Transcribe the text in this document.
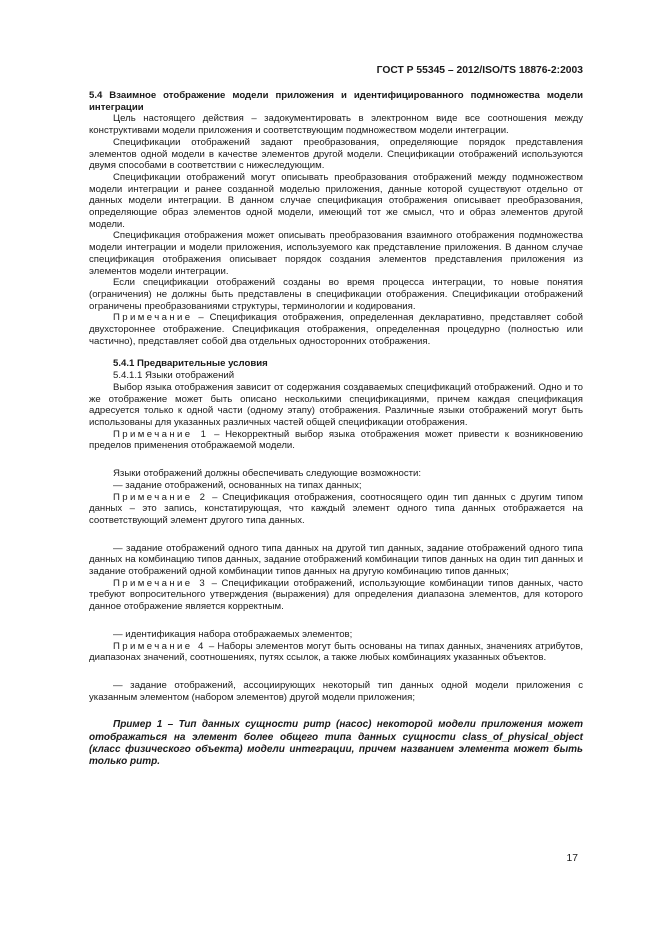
ГОСТ Р 55345 – 2012/ISO/TS 18876-2:2003

5.4 Взаимное отображение модели приложения и идентифицированного подмножества модели интеграции

Цель настоящего действия – задокументировать в электронном виде все соотношения между конструктивами модели приложения и соответствующим подмножеством модели интеграции.

Спецификации отображений задают преобразования, определяющие порядок представления элементов одной модели в качестве элементов другой модели. Спецификации отображений используются двумя способами в соответствии с нижеследующим.

Спецификации отображений могут описывать преобразования отображений между подмножеством модели интеграции и ранее созданной моделью приложения, данные которой существуют отдельно от данных модели интеграции. В данном случае спецификация отображения описывает преобразования, определяющие образ элементов одной модели, имеющий тот же смысл, что и образ элементов другой модели.

Спецификация отображения может описывать преобразования взаимного отображения подмножества модели интеграции и модели приложения, используемого как представление приложения. В данном случае спецификация отображения описывает порядок создания элементов представления приложения из элементов модели интеграции.

Если спецификации отображений созданы во время процесса интеграции, то новые понятия (ограничения) не должны быть представлены в спецификации отображения. Спецификации отображений ограничены преобразованиями структуры, терминологии и кодирования.

Примечание – Спецификация отображения, определенная декларативно, представляет собой двухстороннее отображение. Спецификация отображения, определенная процедурно (полностью или частично), представляет собой два отдельных односторонних отображения.

5.4.1 Предварительные условия

5.4.1.1 Языки отображений

Выбор языка отображения зависит от содержания создаваемых спецификаций отображений. Одно и то же отображение может быть описано несколькими спецификациями, причем каждая спецификация адресуется только к одной части (одному этапу) отображения. Различные языки отображений могут быть использованы для указанных различных частей общей спецификации отображения.

Примечание 1 – Некорректный выбор языка отображения может привести к возникновению пределов применения отображаемой модели.

Языки отображений должны обеспечивать следующие возможности:

— задание отображений, основанных на типах данных;

Примечание 2 – Спецификация отображения, соотносящего один тип данных с другим типом данных – это запись, констатирующая, что каждый элемент одного типа данных отображается на соответствующий элемент другого типа данных.

— задание отображений одного типа данных на другой тип данных, задание отображений одного типа данных на комбинацию типов данных, задание отображений комбинации типов данных на один тип данных и задание отображений одной комбинации типов данных на другую комбинацию типов данных;

Примечание 3 – Спецификации отображений, использующие комбинации типов данных, часто требуют вопросительного утверждения (выражения) для определения диапазона элементов, для которого данное отображение является корректным.

— идентификация набора отображаемых элементов;

Примечание 4 – Наборы элементов могут быть основаны на типах данных, значениях атрибутов, диапазонах значений, соотношениях, путях ссылок, а также любых комбинациях указанных объектов.

— задание отображений, ассоциирующих некоторый тип данных одной модели приложения с указанным элементом (набором элементов) другой модели приложения;

Пример 1 – Тип данных сущности pump (насос) некоторой модели приложения может отображаться на элемент более общего типа данных сущности class_of_physical_object (класс физического объекта) модели интеграции, причем названием элемента может быть только pump.

17
